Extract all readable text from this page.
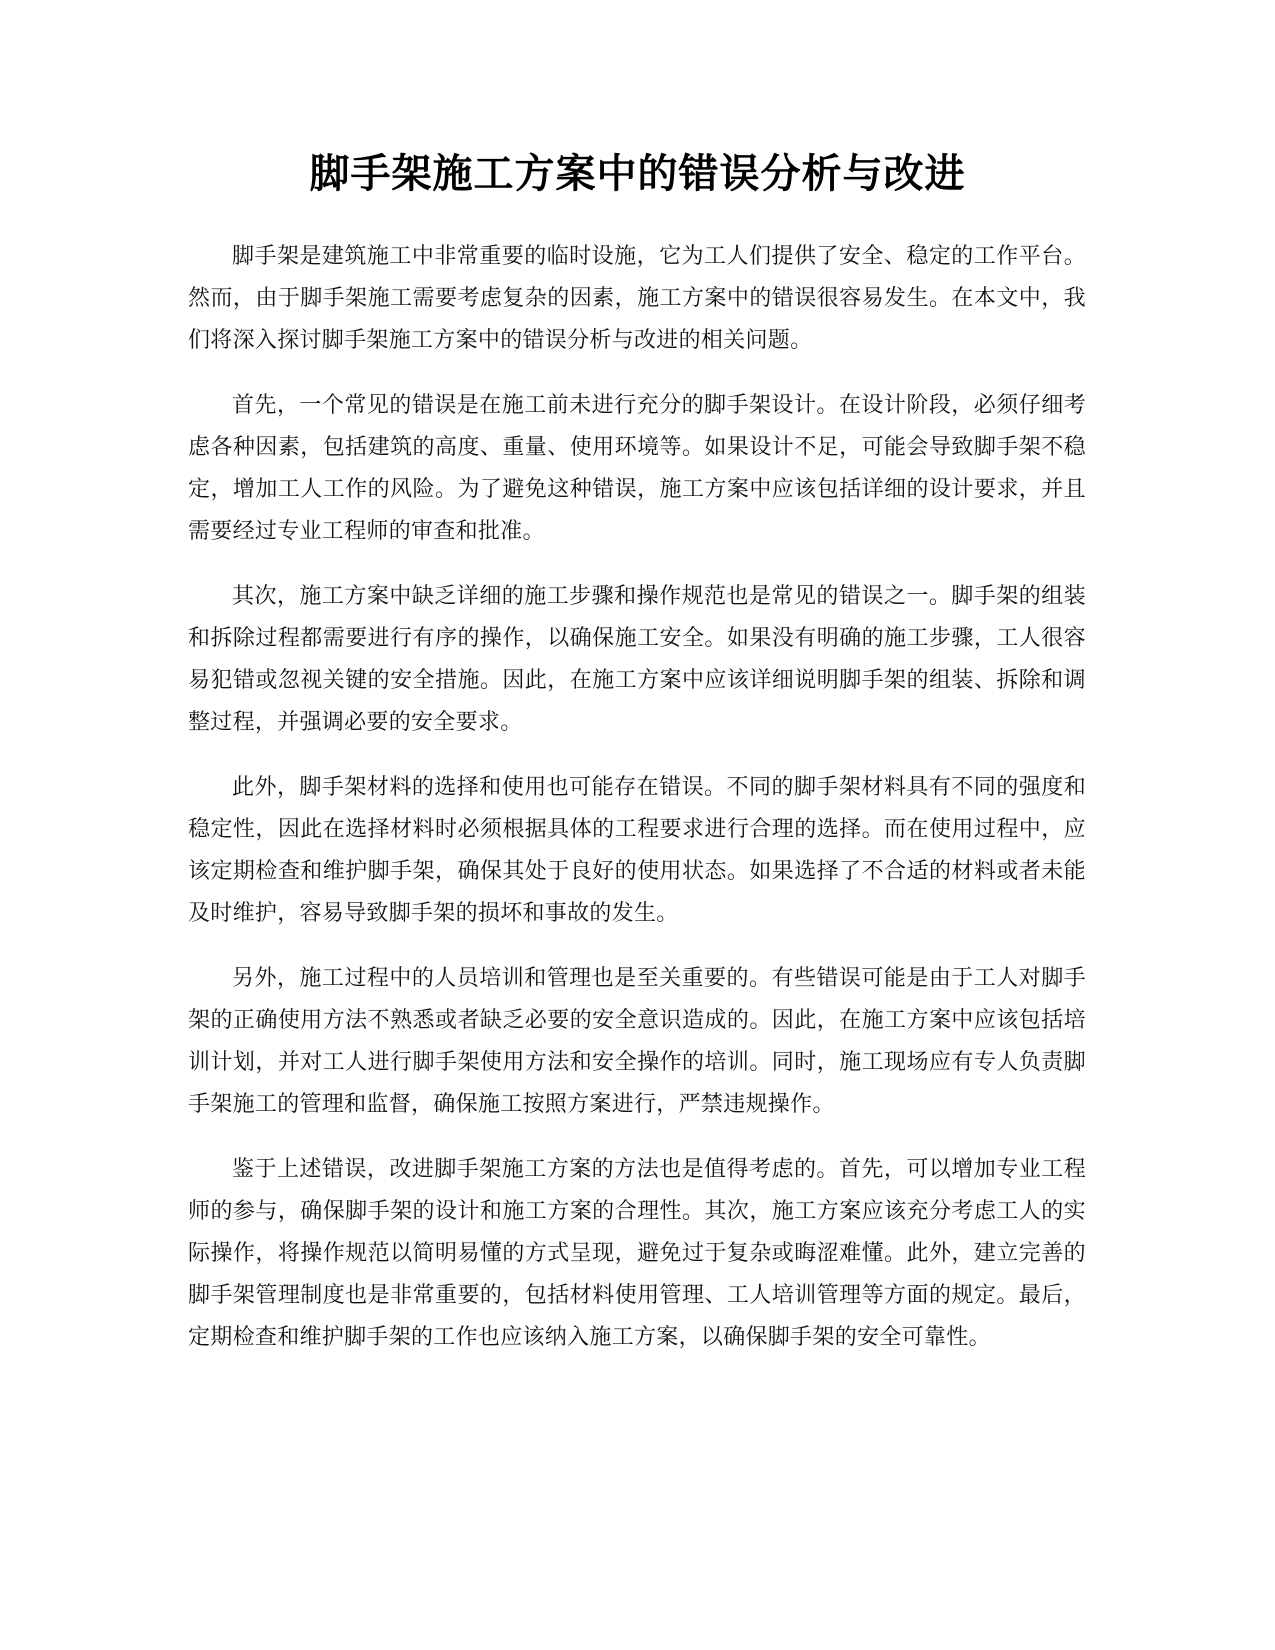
脚手架施工方案中的错误分析与改进

脚手架是建筑施工中非常重要的临时设施，它为工人们提供了安全、稳定的工作平台。然而，由于脚手架施工需要考虑复杂的因素，施工方案中的错误很容易发生。在本文中，我们将深入探讨脚手架施工方案中的错误分析与改进的相关问题。

首先，一个常见的错误是在施工前未进行充分的脚手架设计。在设计阶段，必须仔细考虑各种因素，包括建筑的高度、重量、使用环境等。如果设计不足，可能会导致脚手架不稳定，增加工人工作的风险。为了避免这种错误，施工方案中应该包括详细的设计要求，并且需要经过专业工程师的审查和批准。

其次，施工方案中缺乏详细的施工步骤和操作规范也是常见的错误之一。脚手架的组装和拆除过程都需要进行有序的操作，以确保施工安全。如果没有明确的施工步骤，工人很容易犯错或忽视关键的安全措施。因此，在施工方案中应该详细说明脚手架的组装、拆除和调整过程，并强调必要的安全要求。

此外，脚手架材料的选择和使用也可能存在错误。不同的脚手架材料具有不同的强度和稳定性，因此在选择材料时必须根据具体的工程要求进行合理的选择。而在使用过程中，应该定期检查和维护脚手架，确保其处于良好的使用状态。如果选择了不合适的材料或者未能及时维护，容易导致脚手架的损坏和事故的发生。

另外，施工过程中的人员培训和管理也是至关重要的。有些错误可能是由于工人对脚手架的正确使用方法不熟悉或者缺乏必要的安全意识造成的。因此，在施工方案中应该包括培训计划，并对工人进行脚手架使用方法和安全操作的培训。同时，施工现场应有专人负责脚手架施工的管理和监督，确保施工按照方案进行，严禁违规操作。

鉴于上述错误，改进脚手架施工方案的方法也是值得考虑的。首先，可以增加专业工程师的参与，确保脚手架的设计和施工方案的合理性。其次，施工方案应该充分考虑工人的实际操作，将操作规范以简明易懂的方式呈现，避免过于复杂或晦涩难懂。此外，建立完善的脚手架管理制度也是非常重要的，包括材料使用管理、工人培训管理等方面的规定。最后，定期检查和维护脚手架的工作也应该纳入施工方案，以确保脚手架的安全可靠性。
